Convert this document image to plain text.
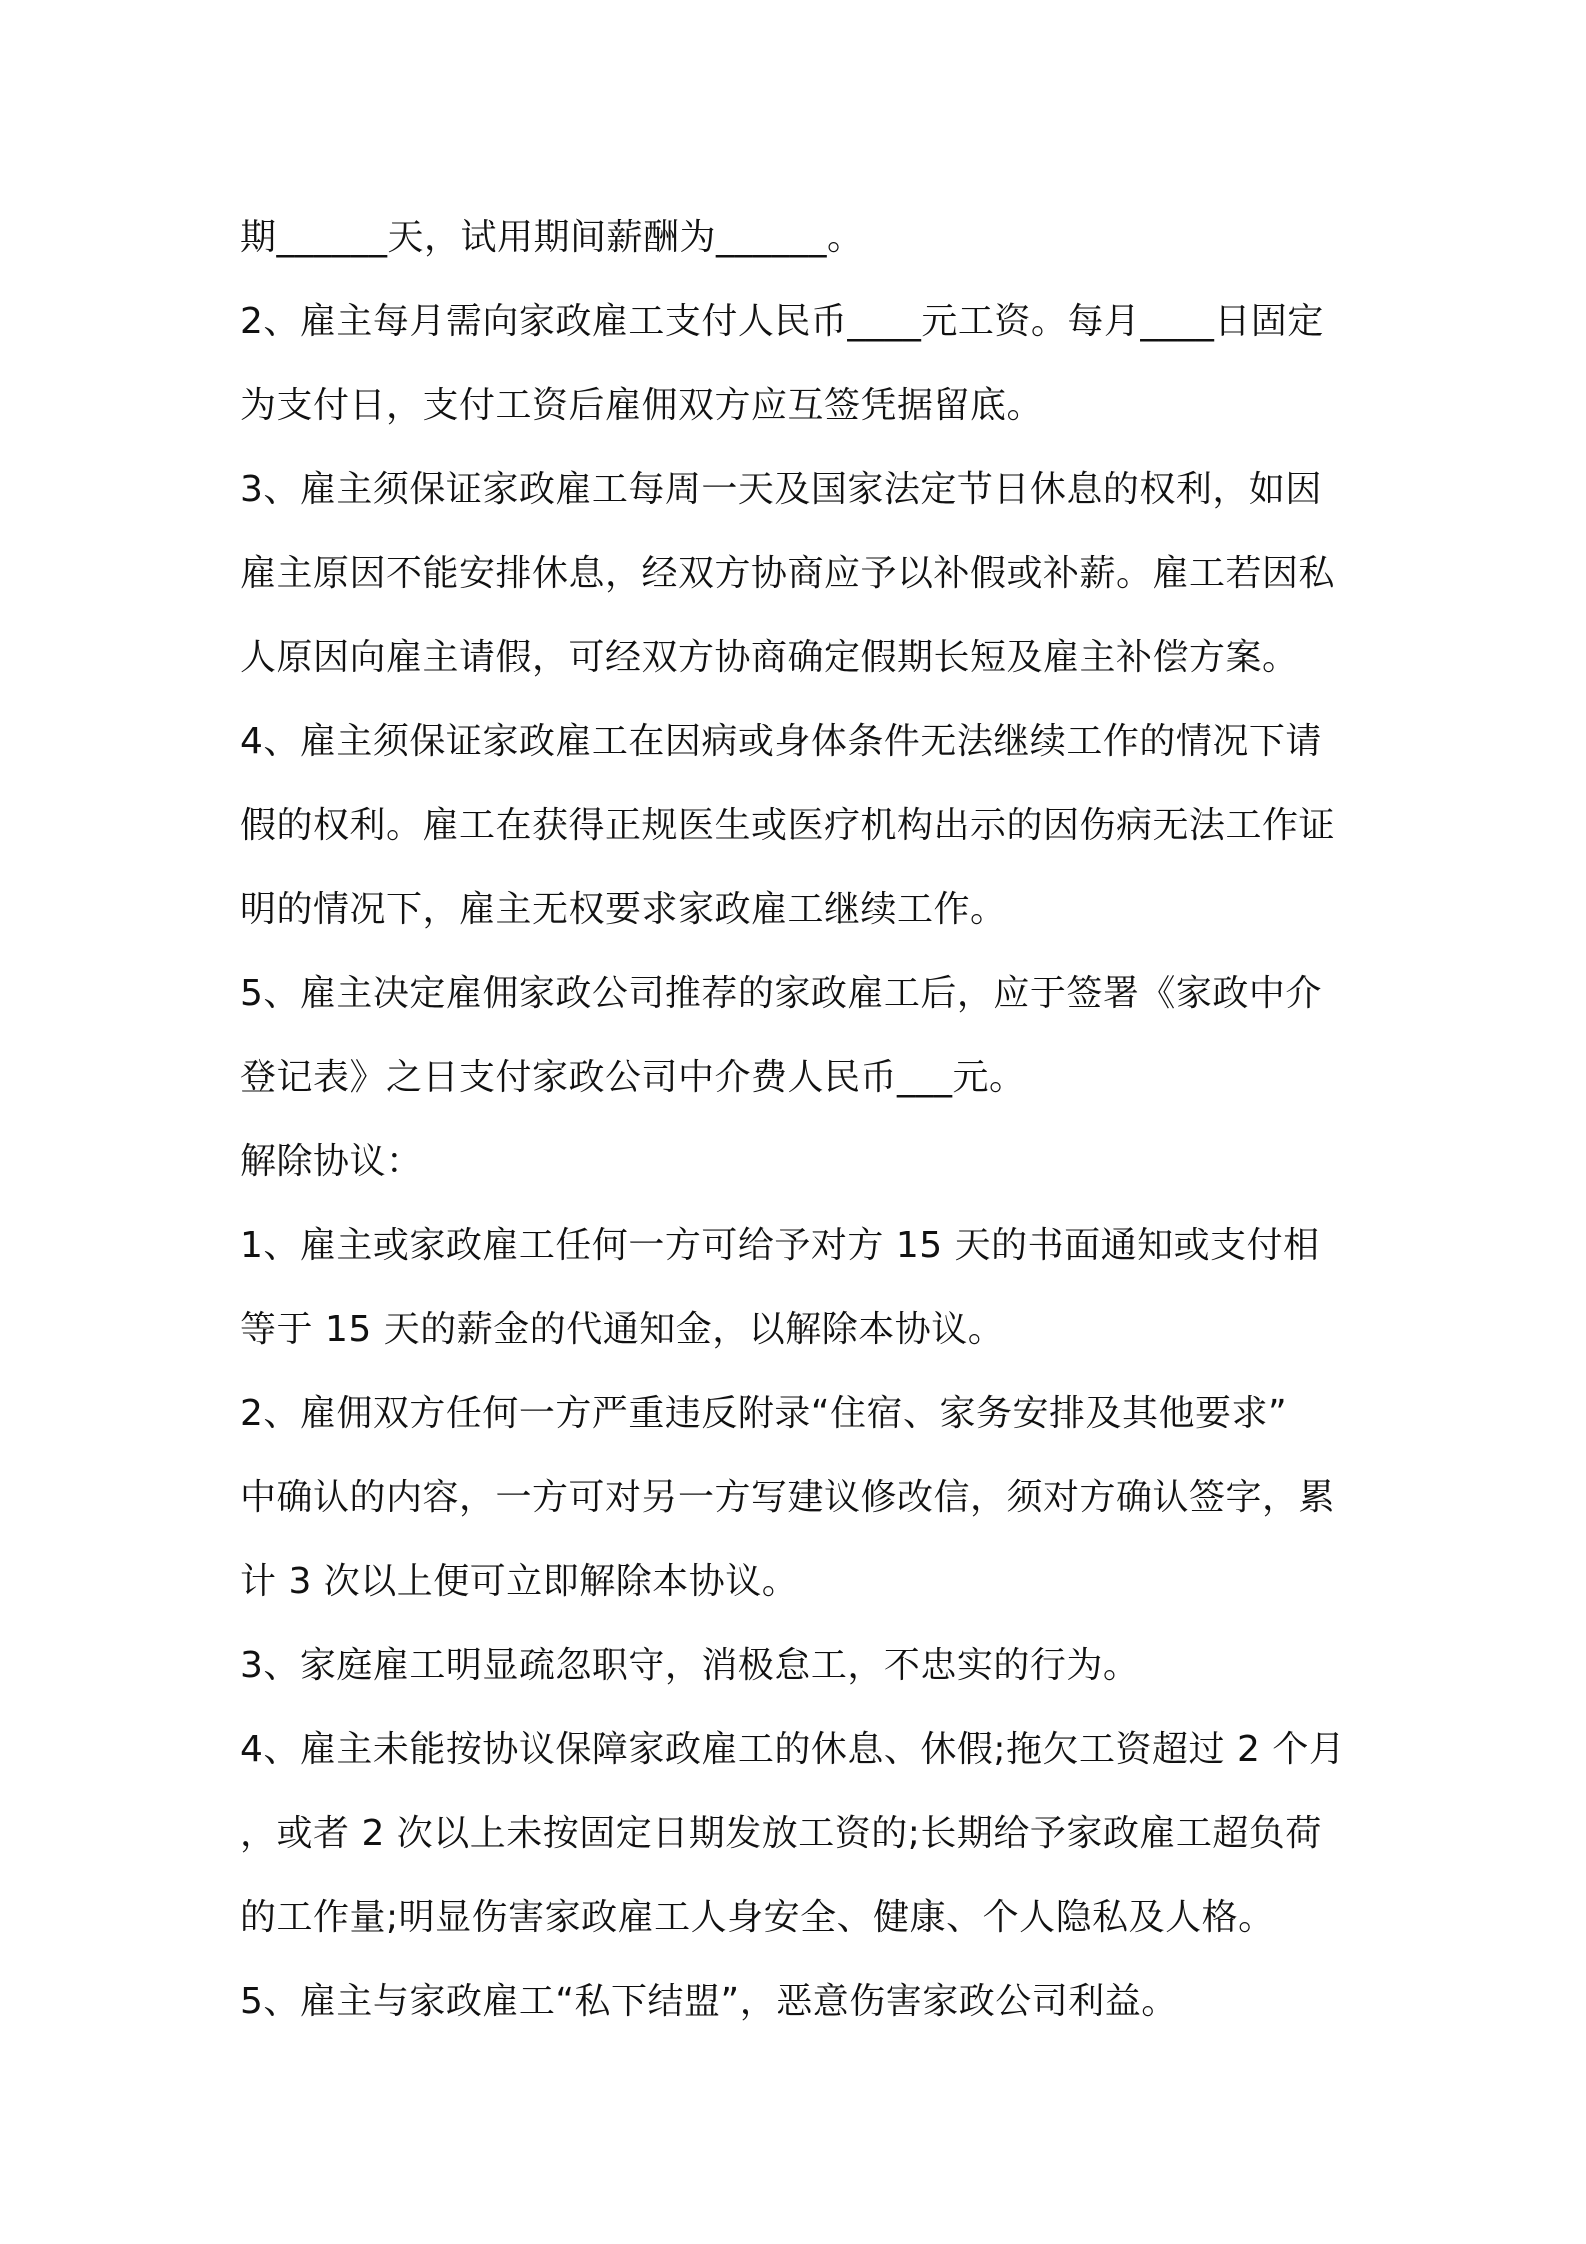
期______天，试用期间薪酬为______。
2、雇主每月需向家政雇工支付人民币____元工资。每月____日固定
为支付日，支付工资后雇佣双方应互签凭据留底。
3、雇主须保证家政雇工每周一天及国家法定节日休息的权利，如因
雇主原因不能安排休息，经双方协商应予以补假或补薪。雇工若因私
人原因向雇主请假，可经双方协商确定假期长短及雇主补偿方案。
4、雇主须保证家政雇工在因病或身体条件无法继续工作的情况下请
假的权利。雇工在获得正规医生或医疗机构出示的因伤病无法工作证
明的情况下，雇主无权要求家政雇工继续工作。
5、雇主决定雇佣家政公司推荐的家政雇工后，应于签署《家政中介
登记表》之日支付家政公司中介费人民币___元。
解除协议：
1、雇主或家政雇工任何一方可给予对方 15 天的书面通知或支付相
等于 15 天的薪金的代通知金，以解除本协议。
2、雇佣双方任何一方严重违反附录“住宿、家务安排及其他要求”
中确认的内容，一方可对另一方写建议修改信，须对方确认签字，累
计 3 次以上便可立即解除本协议。
3、家庭雇工明显疏忽职守，消极怠工，不忠实的行为。
4、雇主未能按协议保障家政雇工的休息、休假;拖欠工资超过 2 个月
，或者 2 次以上未按固定日期发放工资的;长期给予家政雇工超负荷
的工作量;明显伤害家政雇工人身安全、健康、个人隐私及人格。
5、雇主与家政雇工“私下结盟”，恶意伤害家政公司利益。
